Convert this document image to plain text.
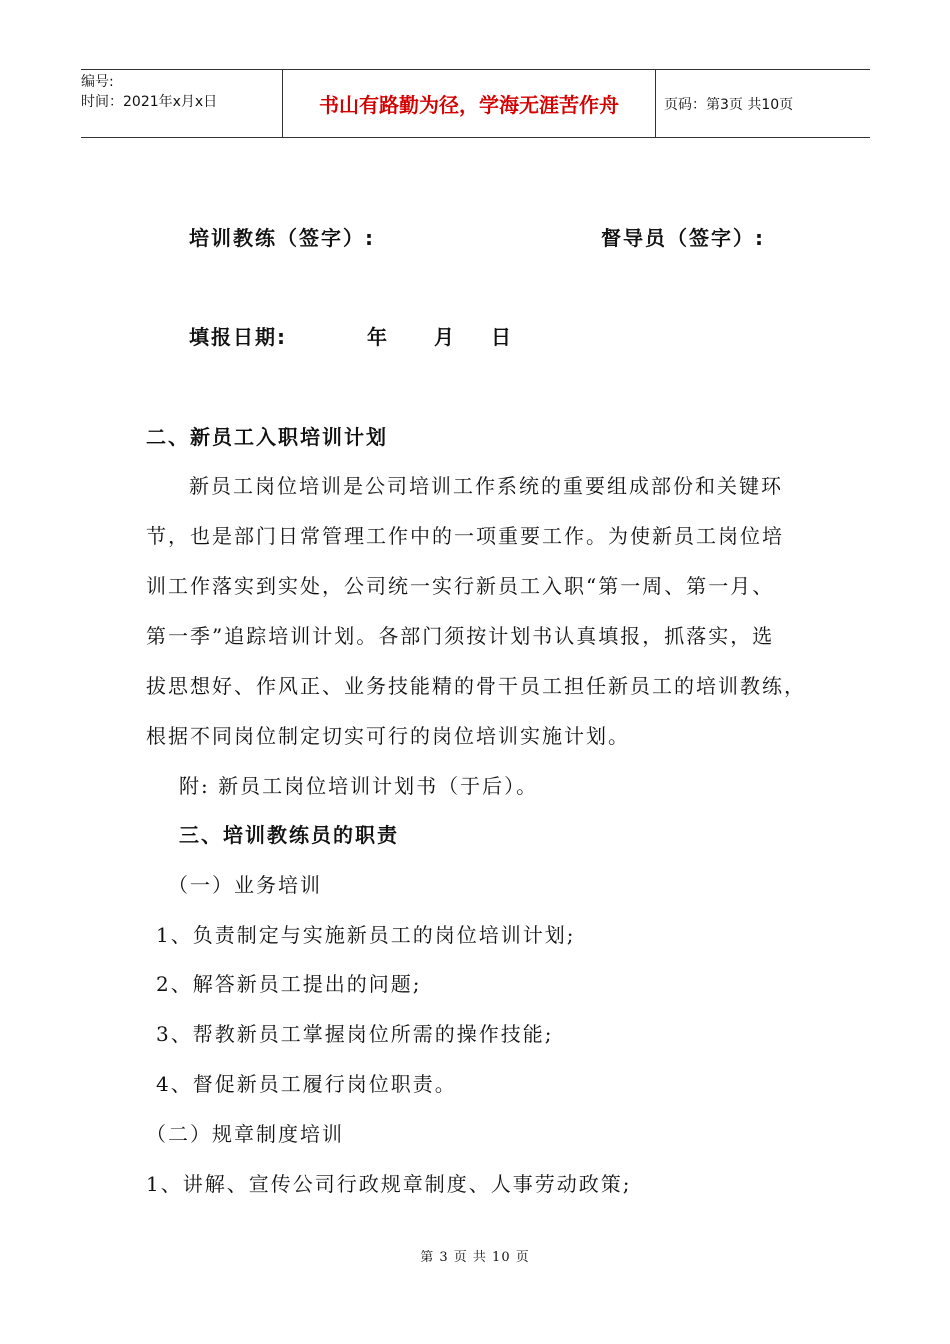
编号:
时间：2021年x月x日	书山有路勤为径，学海无涯苦作舟	页码：第3页 共10页
培训教练（签字）:	督导员（签字）:
填报日期:	年 月 日
二、新员工入职培训计划
新员工岗位培训是公司培训工作系统的重要组成部份和关键环
节，也是部门日常管理工作中的一项重要工作。为使新员工岗位培
训工作落实到实处，公司统一实行新员工入职“第一周、第一月、
第一季”追踪培训计划。各部门须按计划书认真填报，抓落实，选
拔思想好、作风正、业务技能精的骨干员工担任新员工的培训教练，
根据不同岗位制定切实可行的岗位培训实施计划。
附: 新员工岗位培训计划书（于后）。
三、培训教练员的职责
（一）业务培训
1、负责制定与实施新员工的岗位培训计划;
2、解答新员工提出的问题;
3、帮教新员工掌握岗位所需的操作技能;
4、督促新员工履行岗位职责。
（二）规章制度培训
1、讲解、宣传公司行政规章制度、人事劳动政策;
第 3 页 共 10 页
